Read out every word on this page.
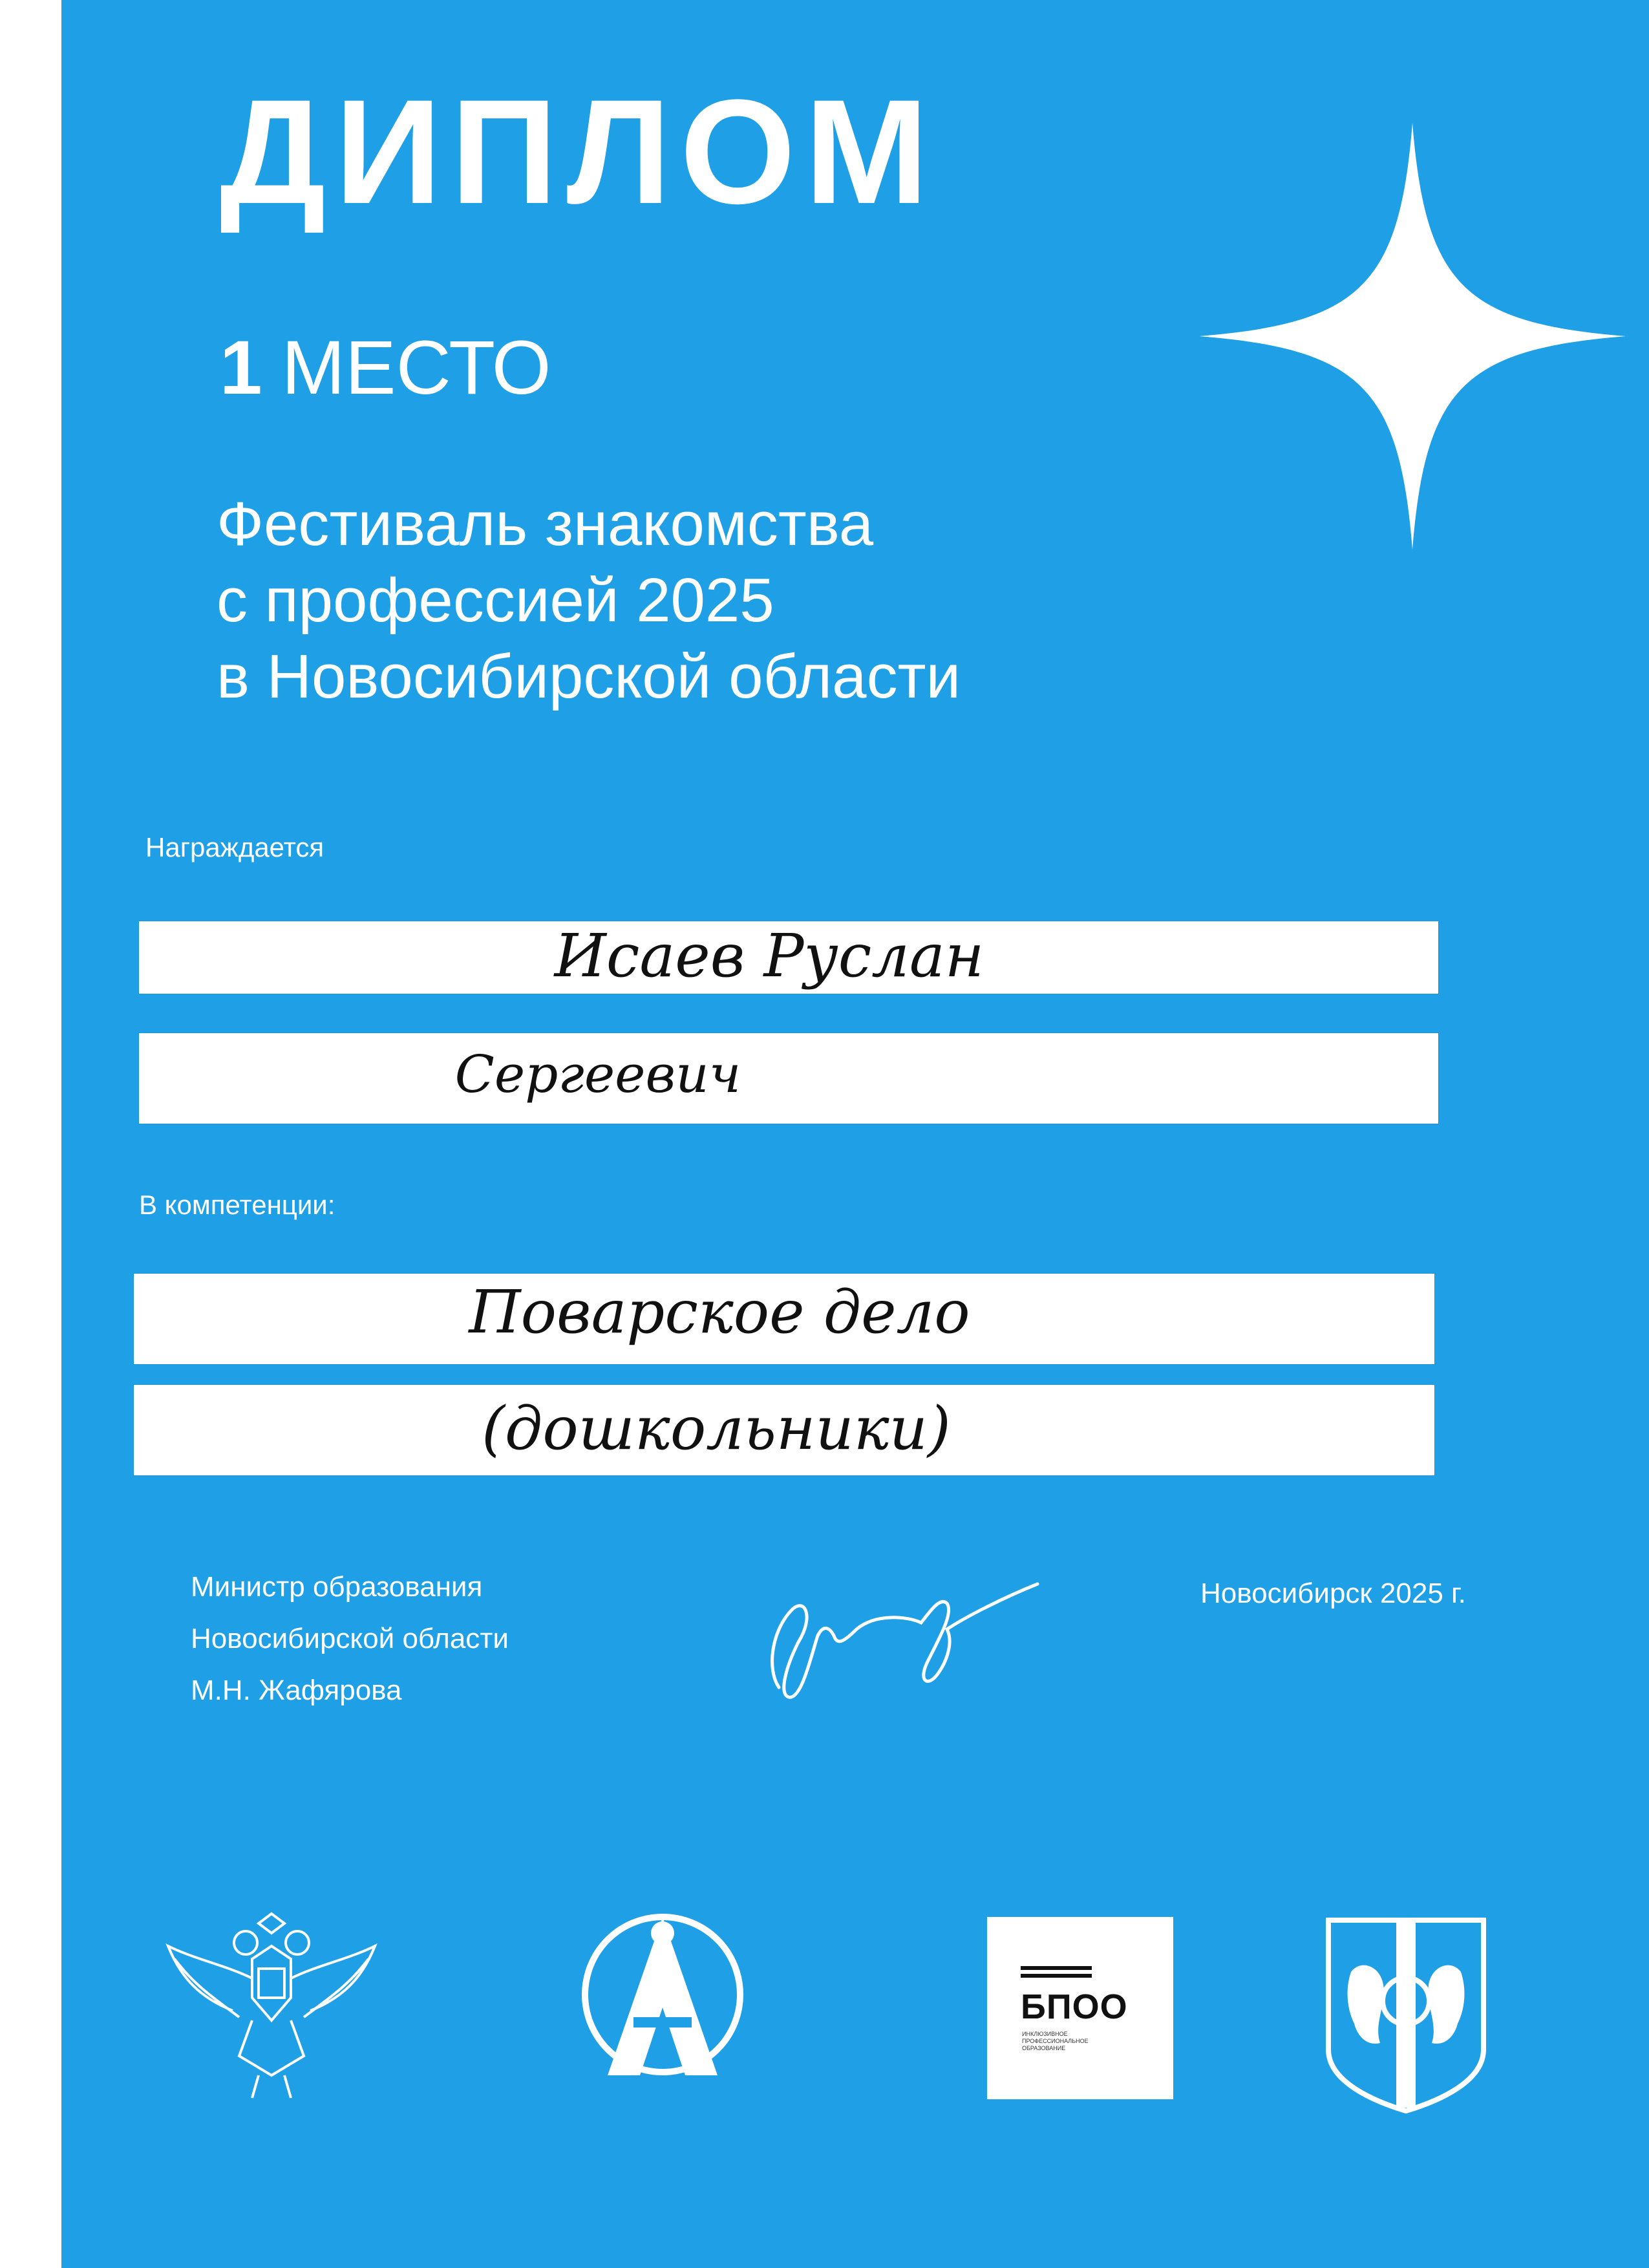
ДИПЛОМ

1 МЕСТО

Фестиваль знакомства
с профессией 2025
в Новосибирской области

Награждается
Исаев Руслан
Сергеевич
В компетенции:
Поварское дело
(дошкольники)
Министр образования
Новосибирской области
М.Н. Жафярова
Новосибирск 2025 г.
БПОО
ИНКЛЮЗИВНОЕ
ПРОФЕССИОНАЛЬНОЕ
ОБРАЗОВАНИЕ
